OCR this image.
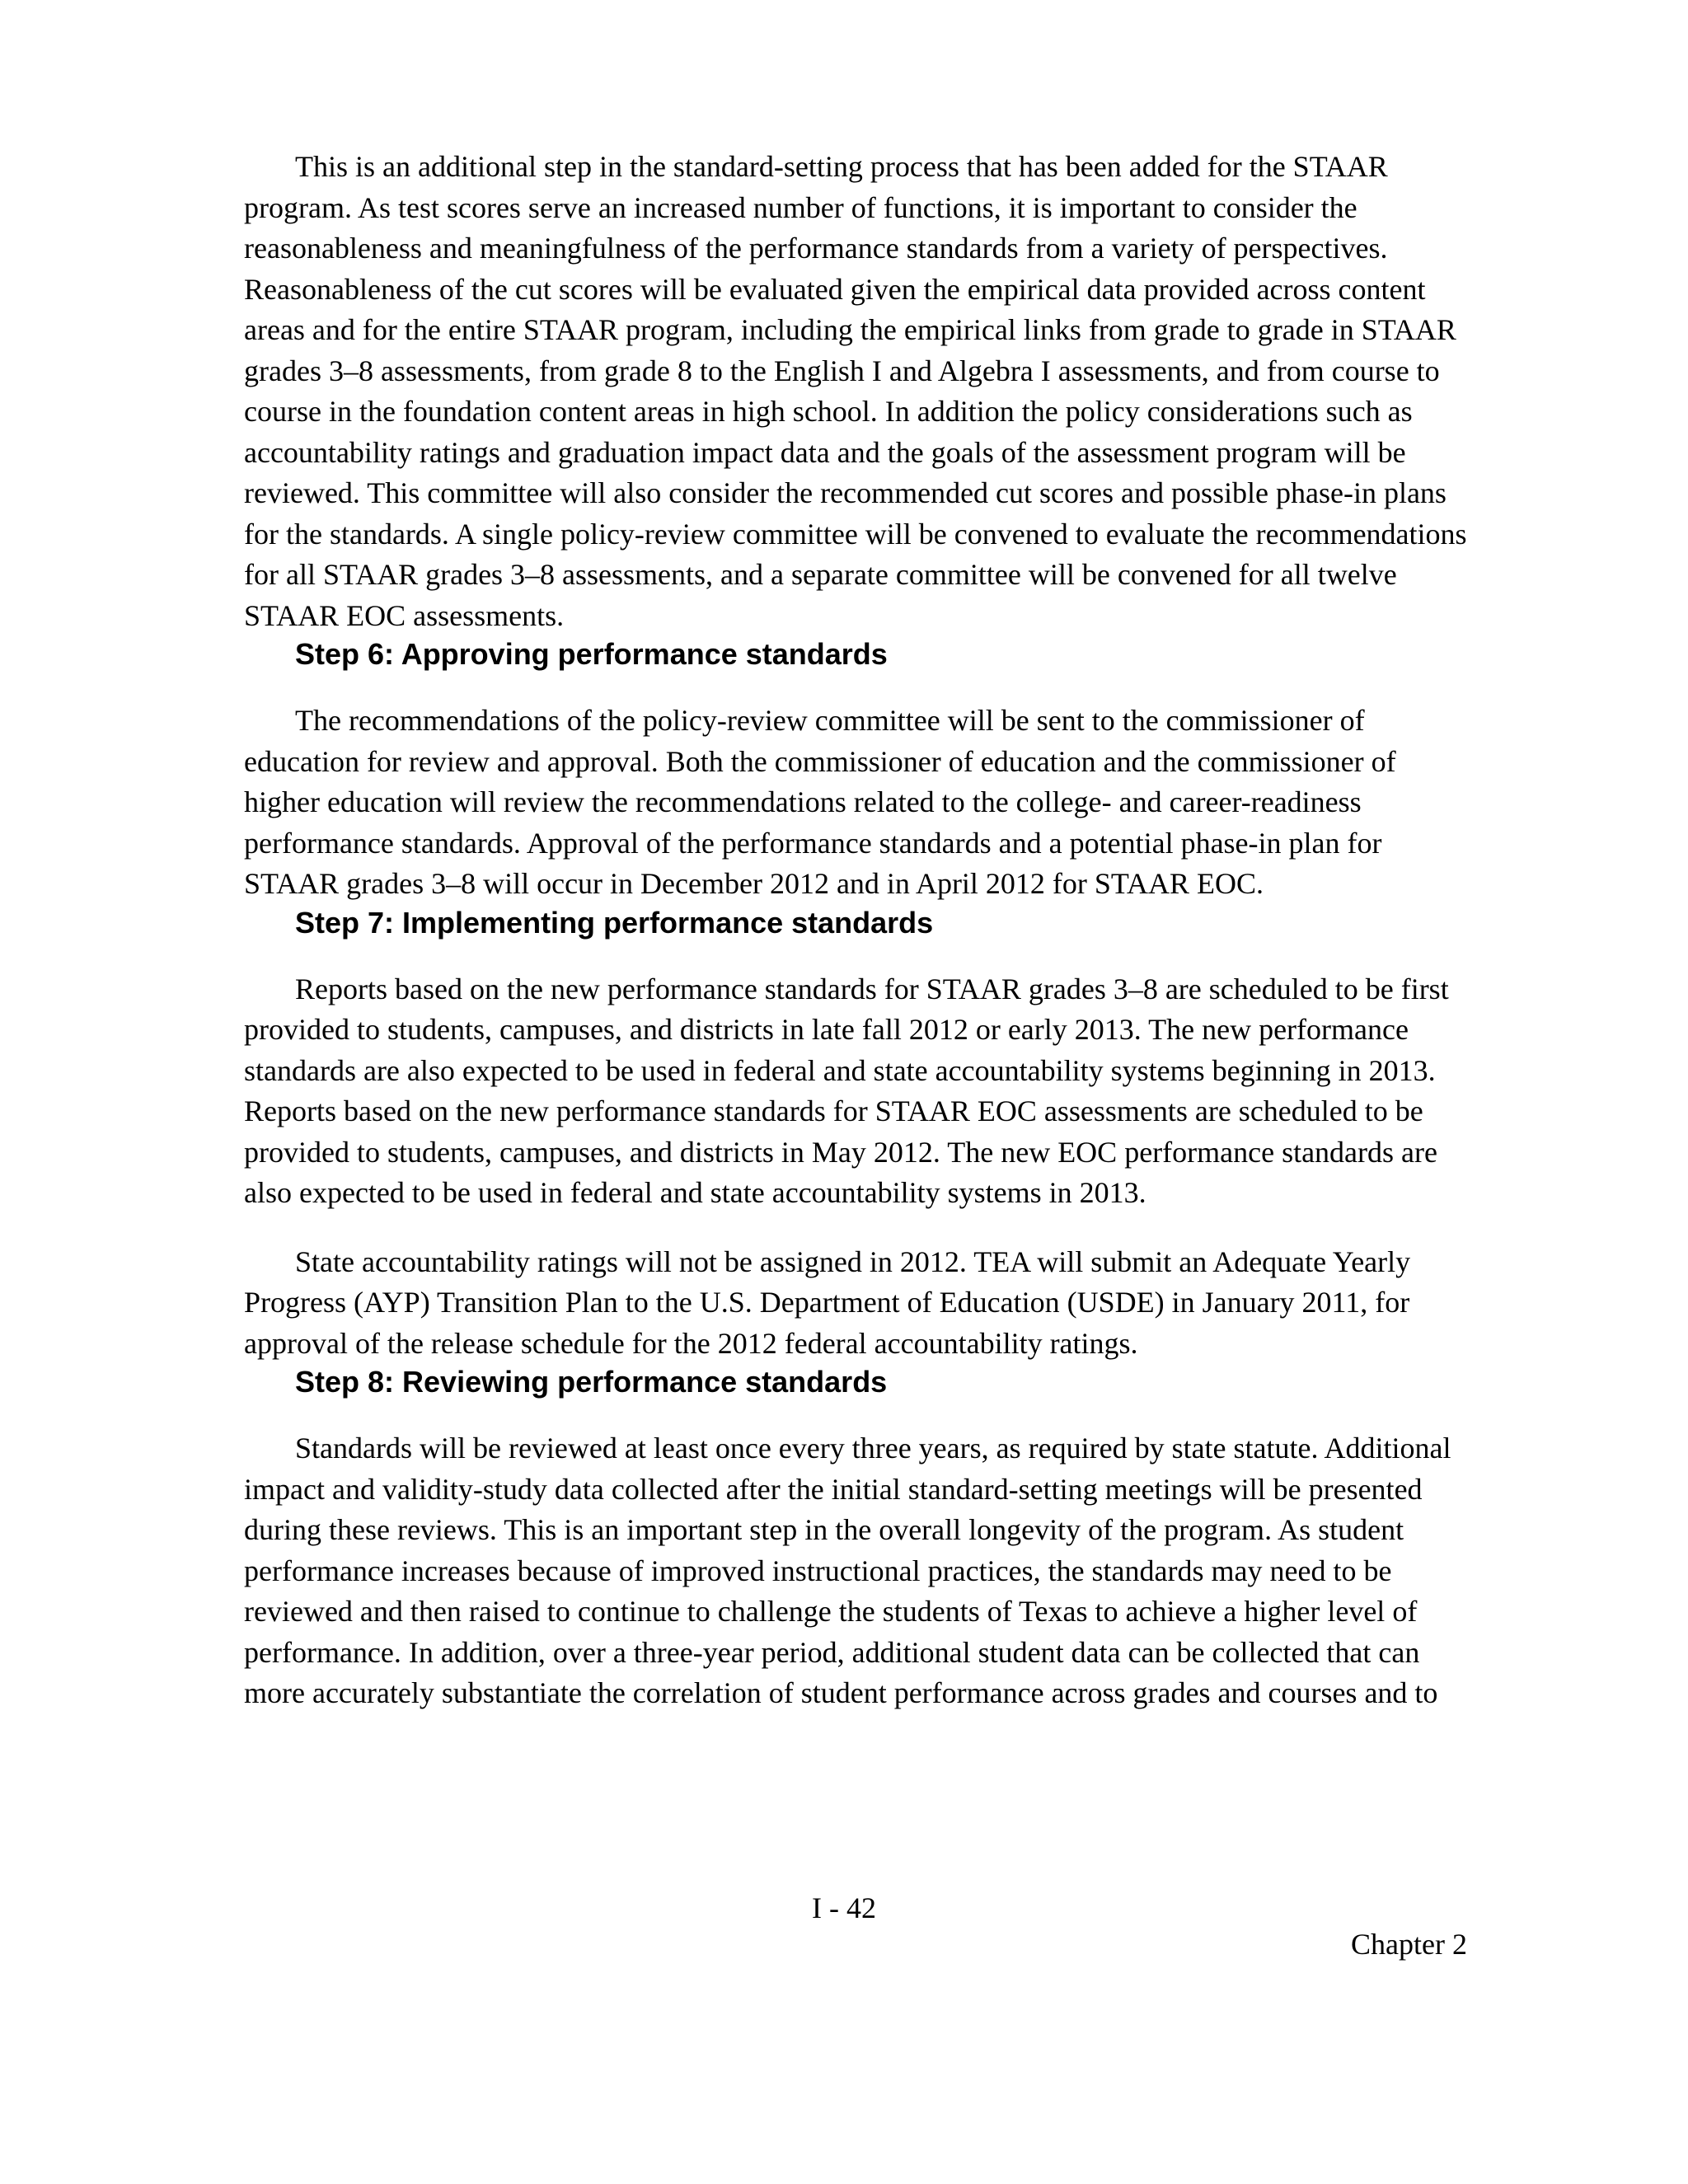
This is an additional step in the standard-setting process that has been added for the STAAR program. As test scores serve an increased number of functions, it is important to consider the reasonableness and meaningfulness of the performance standards from a variety of perspectives. Reasonableness of the cut scores will be evaluated given the empirical data provided across content areas and for the entire STAAR program, including the empirical links from grade to grade in STAAR grades 3–8 assessments, from grade 8 to the English I and Algebra I assessments, and from course to course in the foundation content areas in high school. In addition the policy considerations such as accountability ratings and graduation impact data and the goals of the assessment program will be reviewed. This committee will also consider the recommended cut scores and possible phase-in plans for the standards. A single policy-review committee will be convened to evaluate the recommendations for all STAAR grades 3–8 assessments, and a separate committee will be convened for all twelve STAAR EOC assessments.

Step 6: Approving performance standards

The recommendations of the policy-review committee will be sent to the commissioner of education for review and approval. Both the commissioner of education and the commissioner of higher education will review the recommendations related to the college- and career-readiness performance standards. Approval of the performance standards and a potential phase-in plan for STAAR grades 3–8 will occur in December 2012 and in April 2012 for STAAR EOC.

Step 7: Implementing performance standards

Reports based on the new performance standards for STAAR grades 3–8 are scheduled to be first provided to students, campuses, and districts in late fall 2012 or early 2013. The new performance standards are also expected to be used in federal and state accountability systems beginning in 2013. Reports based on the new performance standards for STAAR EOC assessments are scheduled to be provided to students, campuses, and districts in May 2012. The new EOC performance standards are also expected to be used in federal and state accountability systems in 2013.

State accountability ratings will not be assigned in 2012. TEA will submit an Adequate Yearly Progress (AYP) Transition Plan to the U.S. Department of Education (USDE) in January 2011, for approval of the release schedule for the 2012 federal accountability ratings.

Step 8: Reviewing performance standards

Standards will be reviewed at least once every three years, as required by state statute. Additional impact and validity-study data collected after the initial standard-setting meetings will be presented during these reviews. This is an important step in the overall longevity of the program. As student performance increases because of improved instructional practices, the standards may need to be reviewed and then raised to continue to challenge the students of Texas to achieve a higher level of performance. In addition, over a three-year period, additional student data can be collected that can more accurately substantiate the correlation of student performance across grades and courses and to

I - 42
Chapter 2
